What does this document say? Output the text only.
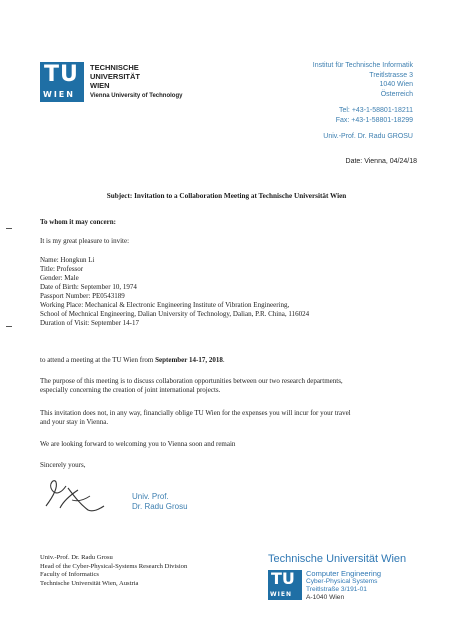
TU
WIEN
TECHNISCHE
UNIVERSITÄT
WIEN
Vienna University of Technology
Institut für Technische Informatik
Treitlstrasse 3
1040 Wien
Österreich
Tel: +43-1-58801-18211
Fax: +43-1-58801-18299
Univ.-Prof. Dr. Radu GROSU
Date: Vienna, 04/24/18
Subject: Invitation to a Collaboration Meeting at Technische Universität Wien
To whom it may concern:
It is my great pleasure to invite:
Name: Hongkun Li
Title: Professor
Gender: Male
Date of Birth: September 10, 1974
Passport Number: PE0543189
Working Place: Mechanical & Electronic Engineering Institute of Vibration Engineering,
School of Mechnical Engineering, Dalian University of Technology, Dalian, P.R. China, 116024
Duration of Visit: September 14-17
to attend a meeting at the TU Wien from September 14-17, 2018.
The purpose of this meeting is to discuss collaboration opportunities between our two research departments,
especially concerning the creation of joint international projects.
This invitation does not, in any way, financially oblige TU Wien for the expenses you will incur for your travel
and your stay in Vienna.
We are looking forward to welcoming you to Vienna soon and remain
Sincerely yours,
Univ. Prof.
Dr. Radu Grosu
Univ.-Prof. Dr. Radu Grosu
Head of the Cyber-Physical-Systems Research Division
Faculty of Informatics
Technische Universität Wien, Austria
Technische Universität Wien
TU
WIEN
Computer Engineering
Cyber-Physical Systems
Treitlstraße 3/191-01
A-1040 Wien
